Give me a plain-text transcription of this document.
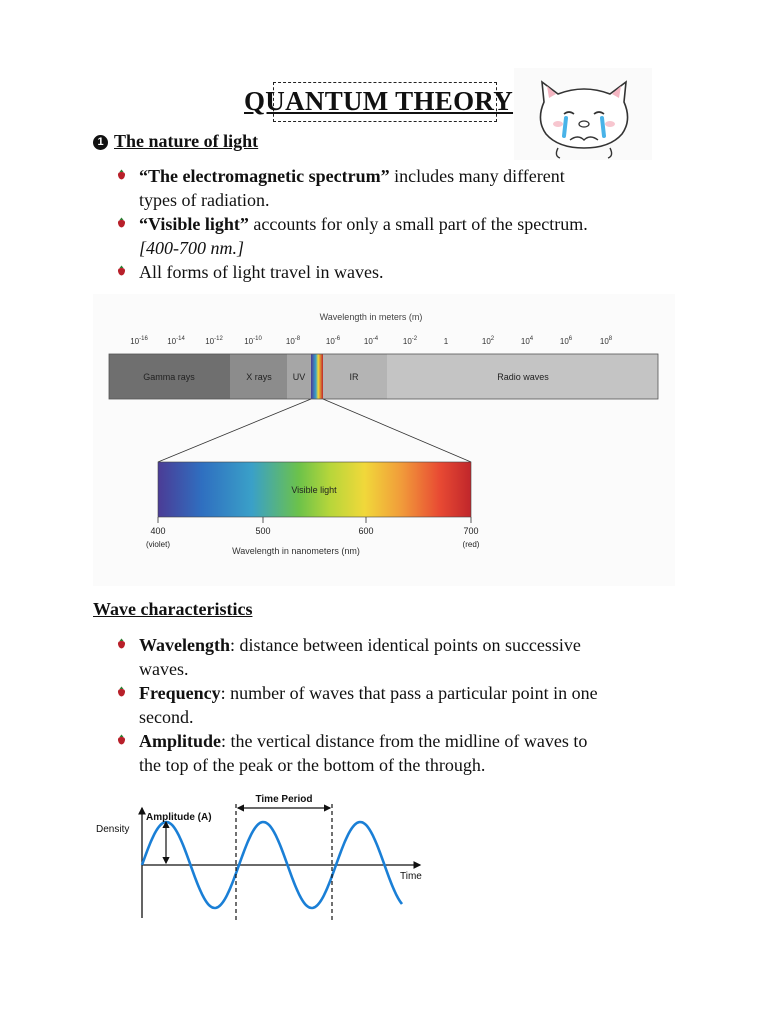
QUANTUM THEORY
1 The nature of light
“The electromagnetic spectrum” includes many different
types of radiation.
“Visible light” accounts for only a small part of the spectrum.
[400-700 nm.]
All forms of light travel in waves.
Wavelength in meters (m)
$10^{-16}$ $10^{-14}$	$10^{-12}$	$10^{-10}$	$10^{-8}$	$10^{-6}$	$10^{-4}$	$10^{-2}$	1	$10^2$	$10^4$	$10^6$	$10^8$
Gamma rays	X rays UV	IR	Radio waves
Visible light
400	500	600	700
(violet)	(red)
Wavelength in nanometers (nm)
Wave characteristics
Wavelength: distance between identical points on successive
waves.
Frequency: number of waves that pass a particular point in one
second.
Amplitude: the vertical distance from the midline of waves to
the top of the peak or the bottom of the through.
Time Period
Amplitude (A)
Density
Time
